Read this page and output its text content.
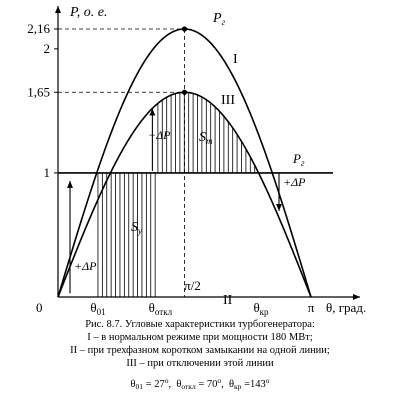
2,16
2
1,65
1
P, о. е.
0	$\theta_{01}$	$\theta_{откл}$
π/2
$\theta_{кр}$	π θ, град.
I
III
II
$P_г$
$P_г$
$S_у$
$S_т$
+ΔP
−ΔP
+ΔP
Рис. 8.7. Угловые характеристики турбогенератора:
I – в нормальном режиме при мощности 180 МВт;
II – при трехфазном коротком замыкании на одной линии;
III – при отключении этой линии
$\theta_{01} = 27^о$,  $\theta_{откл} = 70^о$,  $\theta_{кр} =143^о$
